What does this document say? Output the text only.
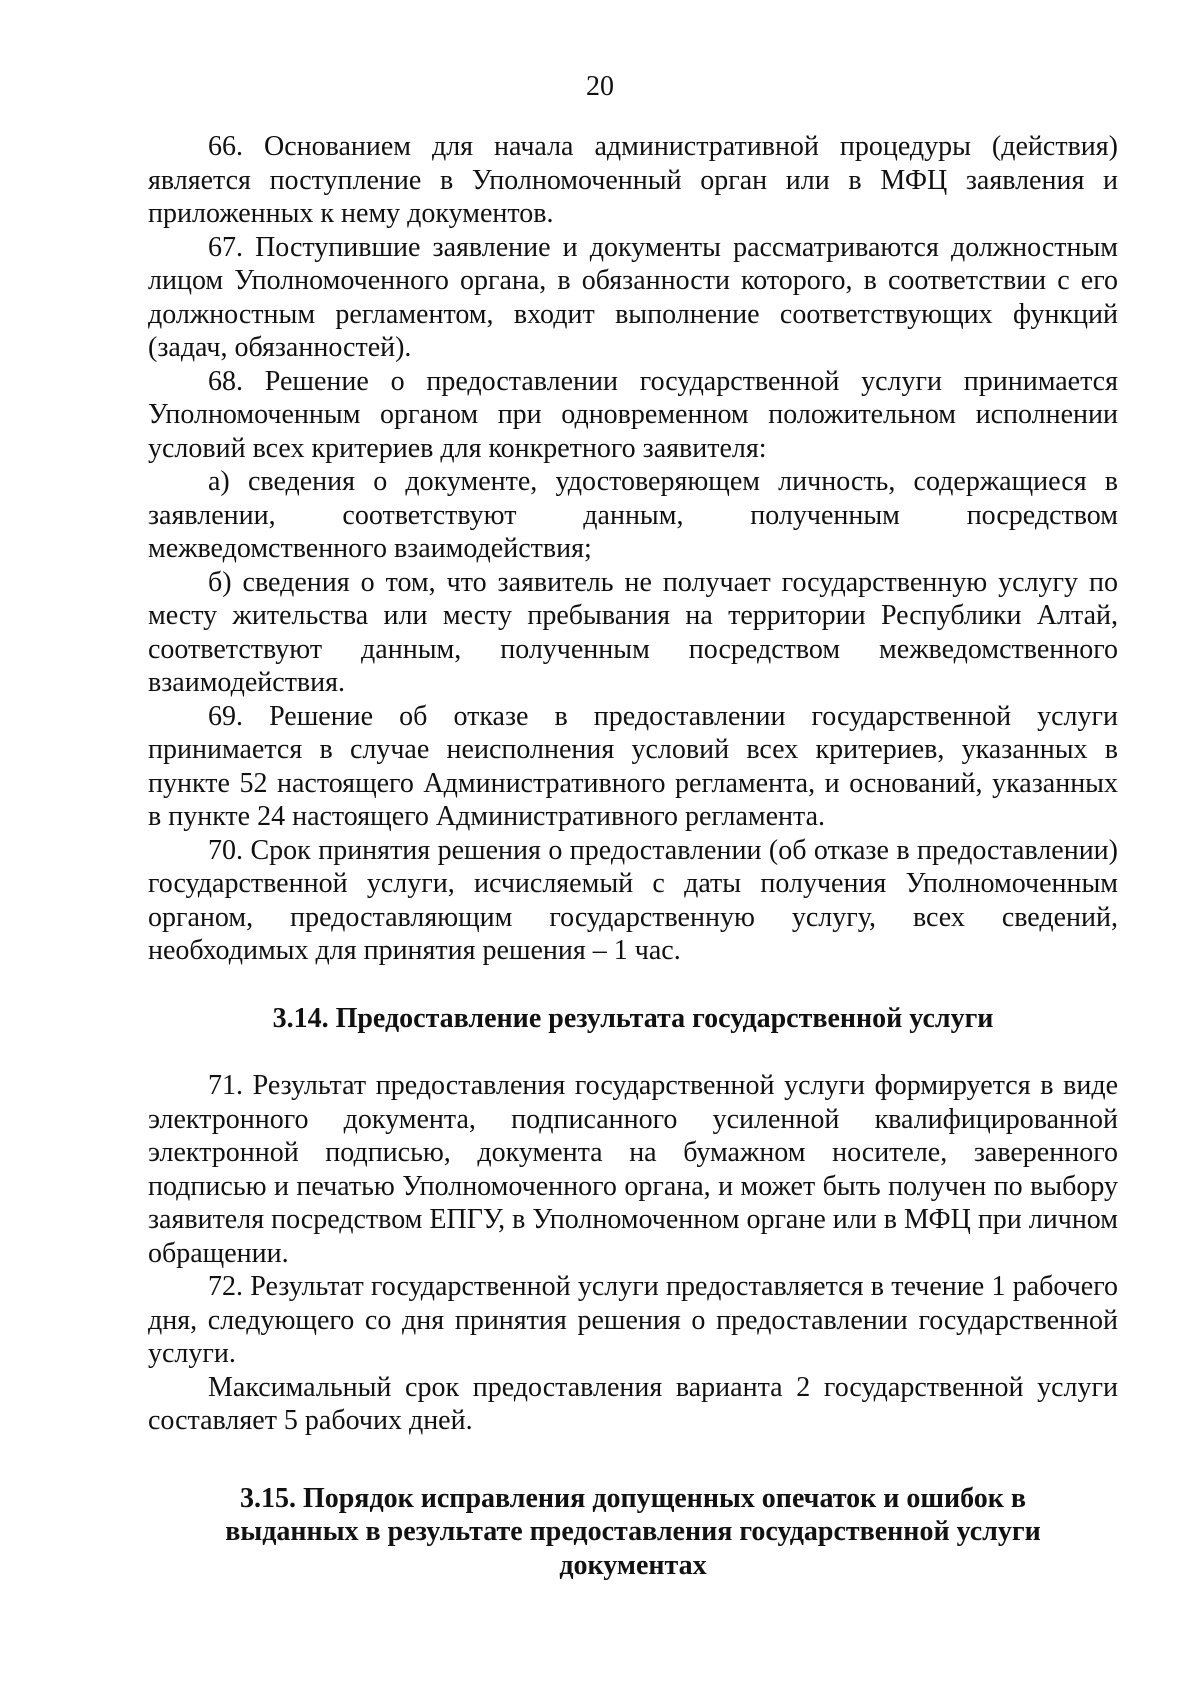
20

66. Основанием для начала административной процедуры (действия) является поступление в Уполномоченный орган или в МФЦ заявления и приложенных к нему документов.

67. Поступившие заявление и документы рассматриваются должностным лицом Уполномоченного органа, в обязанности которого, в соответствии с его должностным регламентом, входит выполнение соответствующих функций (задач, обязанностей).

68. Решение о предоставлении государственной услуги принимается Уполномоченным органом при одновременном положительном исполнении условий всех критериев для конкретного заявителя:

а) сведения о документе, удостоверяющем личность, содержащиеся в заявлении, соответствуют данным, полученным посредством межведомственного взаимодействия;

б) сведения о том, что заявитель не получает государственную услугу по месту жительства или месту пребывания на территории Республики Алтай, соответствуют данным, полученным посредством межведомственного взаимодействия.

69. Решение об отказе в предоставлении государственной услуги принимается в случае неисполнения условий всех критериев, указанных в пункте 52 настоящего Административного регламента, и оснований, указанных в пункте 24 настоящего Административного регламента.

70. Срок принятия решения о предоставлении (об отказе в предоставлении) государственной услуги, исчисляемый с даты получения Уполномоченным органом, предоставляющим государственную услугу, всех сведений, необходимых для принятия решения – 1 час.

3.14. Предоставление результата государственной услуги

71. Результат предоставления государственной услуги формируется в виде электронного документа, подписанного усиленной квалифицированной электронной подписью, документа на бумажном носителе, заверенного подписью и печатью Уполномоченного органа, и может быть получен по выбору заявителя посредством ЕПГУ, в Уполномоченном органе или в МФЦ при личном обращении.

72. Результат государственной услуги предоставляется в течение 1 рабочего дня, следующего со дня принятия решения о предоставлении государственной услуги.

Максимальный срок предоставления варианта 2 государственной услуги составляет 5 рабочих дней.

3.15. Порядок исправления допущенных опечаток и ошибок в
выданных в результате предоставления государственной услуги
документах
